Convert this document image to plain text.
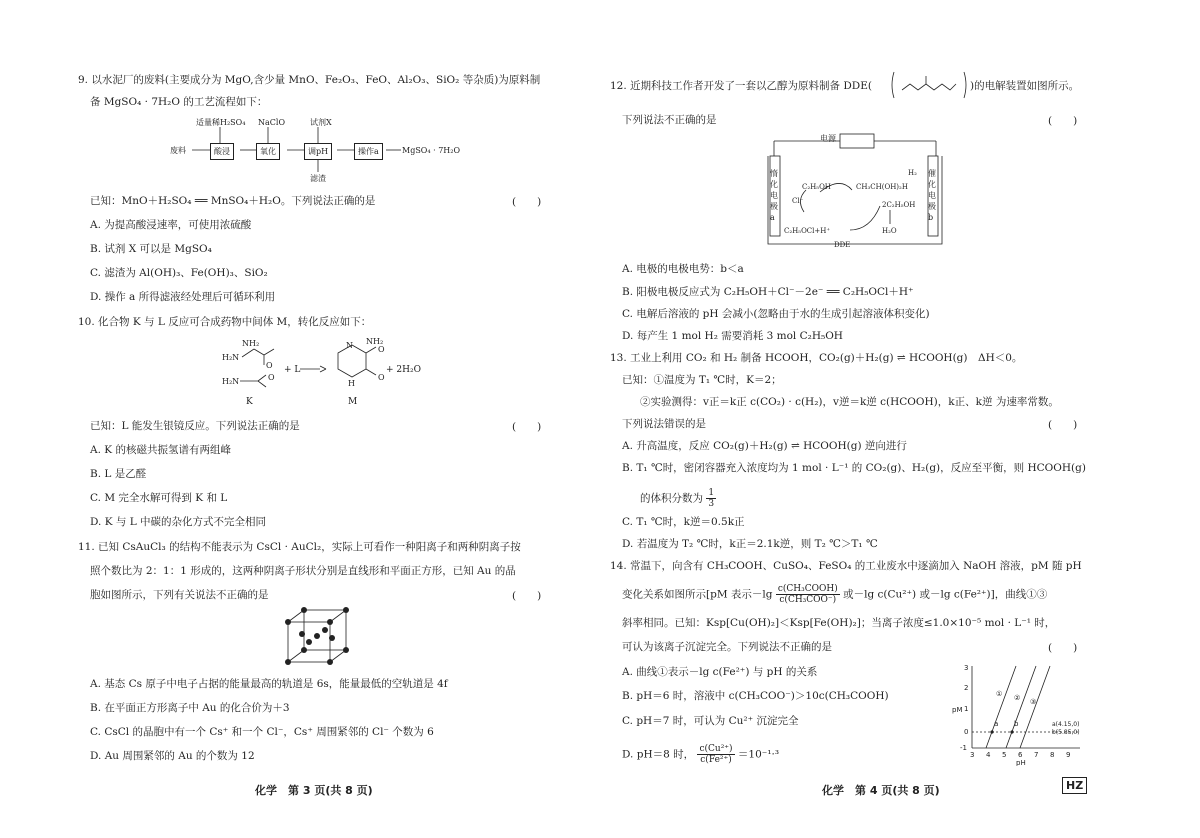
9. 以水泥厂的废料(主要成分为 MgO,含少量 MnO、Fe₂O₃、FeO、Al₂O₃、SiO₂ 等杂质)为原料制
备 MgSO₄ · 7H₂O 的工艺流程如下：
适量稀H₂SO₄ NaClO	试剂X
废料	酸浸	氧化	调pH	操作a	MgSO₄ · 7H₂O
滤渣
已知：MnO＋H₂SO₄ ══ MnSO₄＋H₂O。下列说法正确的是	(　　)
A. 为提高酸浸速率，可使用浓硫酸
B. 试剂 X 可以是 MgSO₄
C. 滤渣为 Al(OH)₃、Fe(OH)₃、SiO₂
D. 操作 a 所得滤液经处理后可循环利用
10. 化合物 K 与 L 反应可合成药物中间体 M，转化反应如下：
NH₂
H₂N
O
H₂N	O
K
+ L
NH₂
N	O
H
O
M
+ 2H₂O
已知：L 能发生银镜反应。下列说法正确的是	(　　)
A. K 的核磁共振氢谱有两组峰
B. L 是乙醛
C. M 完全水解可得到 K 和 L
D. K 与 L 中碳的杂化方式不完全相同
11. 已知 CsAuCl₃ 的结构不能表示为 CsCl · AuCl₂，实际上可看作一种阳离子和两种阴离子按
照个数比为 2：1：1 形成的，这两种阴离子形状分别是直线形和平面正方形，已知 Au 的晶
胞如图所示，下列有关说法不正确的是	(　　)
A. 基态 Cs 原子中电子占据的能量最高的轨道是 6s，能量最低的空轨道是 4f
B. 在平面正方形离子中 Au 的化合价为＋3
C. CsCl 的晶胞中有一个 Cs⁺ 和一个 Cl⁻，Cs⁺ 周围紧邻的 Cl⁻ 个数为 6
D. Au 周围紧邻的 Au 的个数为 12
化学　第 3 页(共 8 页)
12. 近期科技工作者开发了一套以乙醇为原料制备 DDE(	)的电解装置如图所示。
下列说法不正确的是	(　　)
电源
惰 化 电 极 a
催 化 电 极 b
H₂
C₂H₅OH
Cl⁻
CH₃CH(OH)₂H
2C₂H₅OH
C₂H₅OCl+H⁺	H₂O
DDE
A. 电极的电极电势：b＜a
B. 阳极电极反应式为 C₂H₅OH＋Cl⁻－2e⁻ ══ C₂H₅OCl＋H⁺
C. 电解后溶液的 pH 会减小(忽略由于水的生成引起溶液体积变化)
D. 每产生 1 mol H₂ 需要消耗 3 mol C₂H₅OH
13. 工业上利用 CO₂ 和 H₂ 制备 HCOOH，CO₂(g)＋H₂(g) ⇌ HCOOH(g)　ΔH＜0。
已知：①温度为 T₁ ℃时，K＝2；
②实验测得：v正＝k正 c(CO₂) · c(H₂)，v逆＝k逆 c(HCOOH)，k正、k逆 为速率常数。
下列说法错误的是	(　　)
A. 升高温度，反应 CO₂(g)＋H₂(g) ⇌ HCOOH(g) 逆向进行
B. T₁ ℃时，密闭容器充入浓度均为 1 mol · L⁻¹ 的 CO₂(g)、H₂(g)，反应至平衡，则 HCOOH(g)
的体积分数为 $\frac{1}{3}$
C. T₁ ℃时，k逆＝0.5k正
D. 若温度为 T₂ ℃时，k正＝2.1k逆，则 T₂ ℃＞T₁ ℃
14. 常温下，向含有 CH₃COOH、CuSO₄、FeSO₄ 的工业废水中逐滴加入 NaOH 溶液，pM 随 pH
变化关系如图所示[pM 表示$-\lg \frac{\text{c(CH₃COOH)}}{\text{c(CH₃COO⁻)}}$ 或－lg c(Cu²⁺) 或－lg c(Fe²⁺)]，曲线①③
斜率相同。已知：Ksp[Cu(OH)₂]＜Ksp[Fe(OH)₂]；当离子浓度≤1.0×10⁻⁵ mol · L⁻¹ 时，
可认为该离子沉淀完全。下列说法不正确的是	(　　)
A. 曲线①表示－lg c(Fe²⁺) 与 pH 的关系
B. pH＝6 时，溶液中 c(CH₃COO⁻)＞10c(CH₃COOH)
C. pH＝7 时，可认为 Cu²⁺ 沉淀完全
D. pH＝8 时， $\frac{\text{c(Cu²⁺)}}{\text{c(Fe²⁺)}} =10^{-1}\cdot^3$
3
2
1
0
-1
3 4 5 6 7 8 9
pH
pM
① ② ③
a b	a(4.15,0)
b(5.85,0)
化学　第 4 页(共 8 页)	HZ
